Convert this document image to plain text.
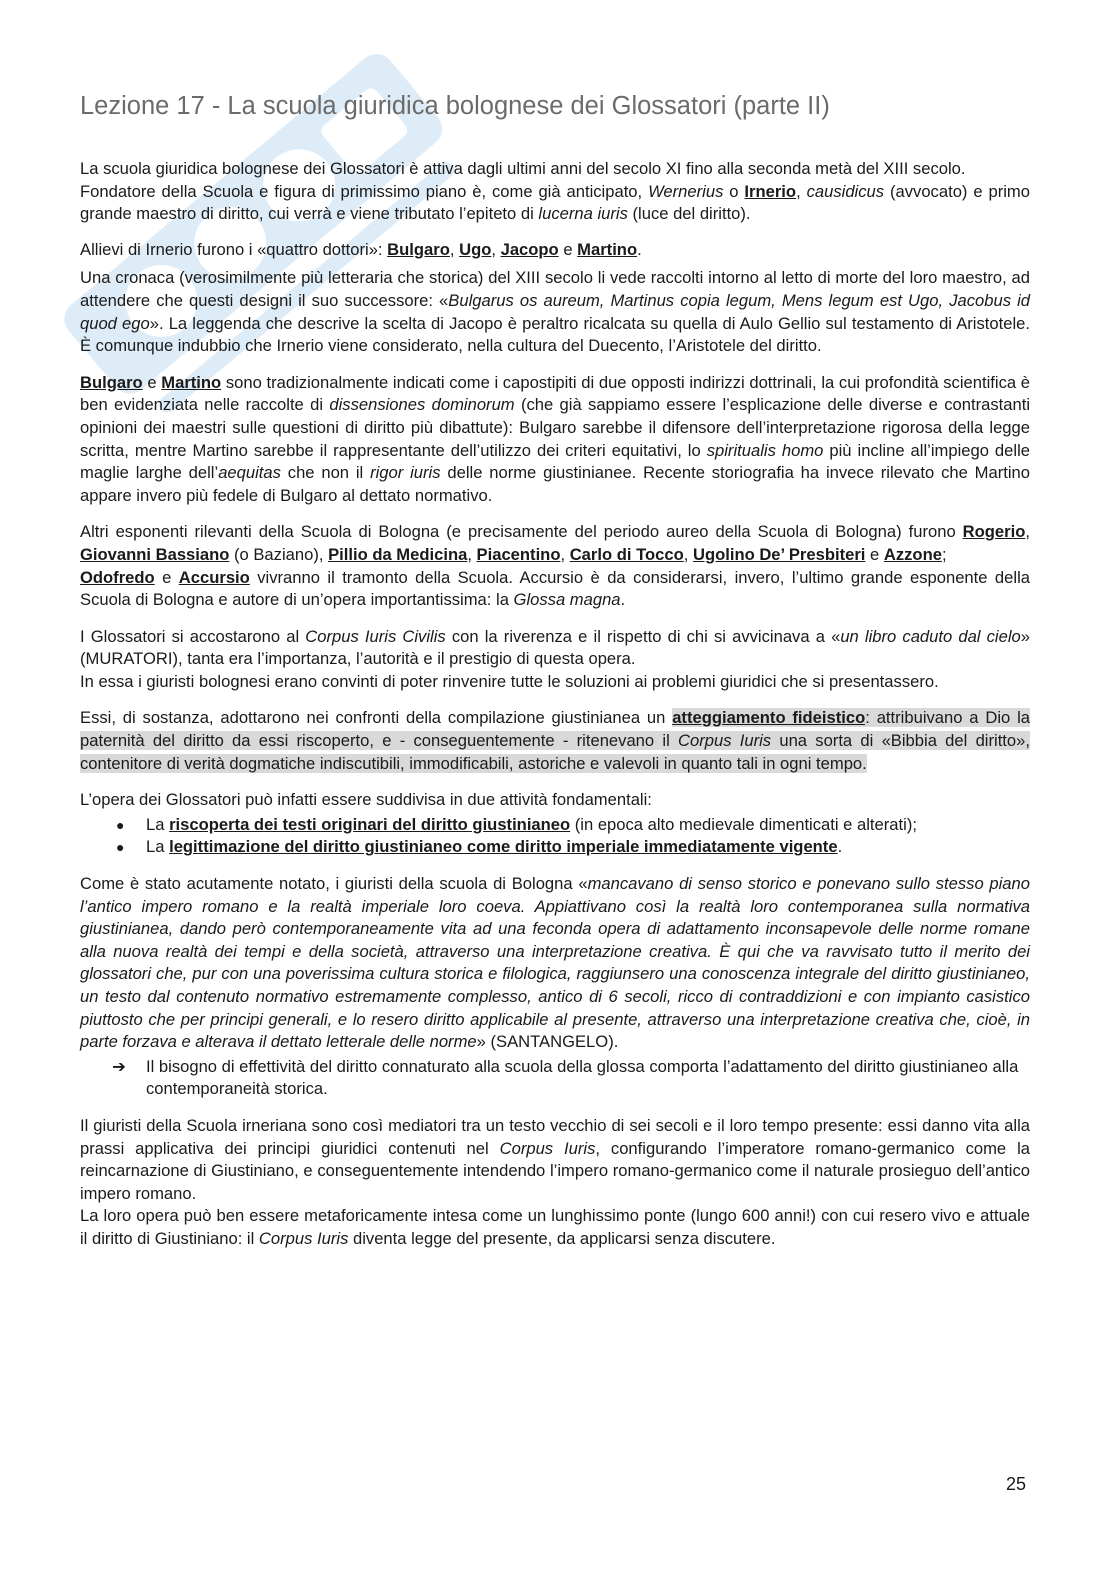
Lezione 17 - La scuola giuridica bolognese dei Glossatori (parte II)

La scuola giuridica bolognese dei Glossatori è attiva dagli ultimi anni del secolo XI fino alla seconda metà del XIII secolo.

Fondatore della Scuola e figura di primissimo piano è, come già anticipato, Wernerius o Irnerio, causidicus (avvocato) e primo grande maestro di diritto, cui verrà e viene tributato l’epiteto di lucerna iuris (luce del diritto).

Allievi di Irnerio furono i «quattro dottori»: Bulgaro, Ugo, Jacopo e Martino.

Una cronaca (verosimilmente più letteraria che storica) del XIII secolo li vede raccolti intorno al letto di morte del loro maestro, ad attendere che questi designi il suo successore: «Bulgarus os aureum, Martinus copia legum, Mens legum est Ugo, Jacobus id quod ego». La leggenda che descrive la scelta di Jacopo è peraltro ricalcata su quella di Aulo Gellio sul testamento di Aristotele. È comunque indubbio che Irnerio viene considerato, nella cultura del Duecento, l’Aristotele del diritto.

Bulgaro e Martino sono tradizionalmente indicati come i capostipiti di due opposti indirizzi dottrinali, la cui profondità scientifica è ben evidenziata nelle raccolte di dissensiones dominorum (che già sappiamo essere l’esplicazione delle diverse e contrastanti opinioni dei maestri sulle questioni di diritto più dibattute): Bulgaro sarebbe il difensore dell’interpretazione rigorosa della legge scritta, mentre Martino sarebbe il rappresentante dell’utilizzo dei criteri equitativi, lo spiritualis homo più incline all’impiego delle maglie larghe dell’aequitas che non il rigor iuris delle norme giustinianee. Recente storiografia ha invece rilevato che Martino appare invero più fedele di Bulgaro al dettato normativo.

Altri esponenti rilevanti della Scuola di Bologna (e precisamente del periodo aureo della Scuola di Bologna) furono Rogerio, Giovanni Bassiano (o Baziano), Pillio da Medicina, Piacentino, Carlo di Tocco, Ugolino De’ Presbiteri e Azzone;

Odofredo e Accursio vivranno il tramonto della Scuola. Accursio è da considerarsi, invero, l’ultimo grande esponente della Scuola di Bologna e autore di un’opera importantissima: la Glossa magna.

I Glossatori si accostarono al Corpus Iuris Civilis con la riverenza e il rispetto di chi si avvicinava a «un libro caduto dal cielo» (MURATORI), tanta era l’importanza, l’autorità e il prestigio di questa opera.

In essa i giuristi bolognesi erano convinti di poter rinvenire tutte le soluzioni ai problemi giuridici che si presentassero.

Essi, di sostanza, adottarono nei confronti della compilazione giustinianea un atteggiamento fideistico: attribuivano a Dio la paternità del diritto da essi riscoperto, e - conseguentemente - ritenevano il Corpus Iuris una sorta di «Bibbia del diritto», contenitore di verità dogmatiche indiscutibili, immodificabili, astoriche e valevoli in quanto tali in ogni tempo.

L’opera dei Glossatori può infatti essere suddivisa in due attività fondamentali:

● La riscoperta dei testi originari del diritto giustinianeo (in epoca alto medievale dimenticati e alterati);
● La legittimazione del diritto giustinianeo come diritto imperiale immediatamente vigente.

Come è stato acutamente notato, i giuristi della scuola di Bologna «mancavano di senso storico e ponevano sullo stesso piano l’antico impero romano e la realtà imperiale loro coeva. Appiattivano così la realtà loro contemporanea sulla normativa giustinianea, dando però contemporaneamente vita ad una feconda opera di adattamento inconsapevole delle norme romane alla nuova realtà dei tempi e della società, attraverso una interpretazione creativa. È qui che va ravvisato tutto il merito dei glossatori che, pur con una poverissima cultura storica e filologica, raggiunsero una conoscenza integrale del diritto giustinianeo, un testo dal contenuto normativo estremamente complesso, antico di 6 secoli, ricco di contraddizioni e con impianto casistico piuttosto che per principi generali, e lo resero diritto applicabile al presente, attraverso una interpretazione creativa che, cioè, in parte forzava e alterava il dettato letterale delle norme» (SANTANGELO).

➔ Il bisogno di effettività del diritto connaturato alla scuola della glossa comporta l’adattamento del diritto giustinianeo alla contemporaneità storica.

Il giuristi della Scuola irneriana sono così mediatori tra un testo vecchio di sei secoli e il loro tempo presente: essi danno vita alla prassi applicativa dei principi giuridici contenuti nel Corpus Iuris, configurando l’imperatore romano-germanico come la reincarnazione di Giustiniano, e conseguentemente intendendo l’impero romano-germanico come il naturale prosieguo dell’antico impero romano.

La loro opera può ben essere metaforicamente intesa come un lunghissimo ponte (lungo 600 anni!) con cui resero vivo e attuale il diritto di Giustiniano: il Corpus Iuris diventa legge del presente, da applicarsi senza discutere.

25
